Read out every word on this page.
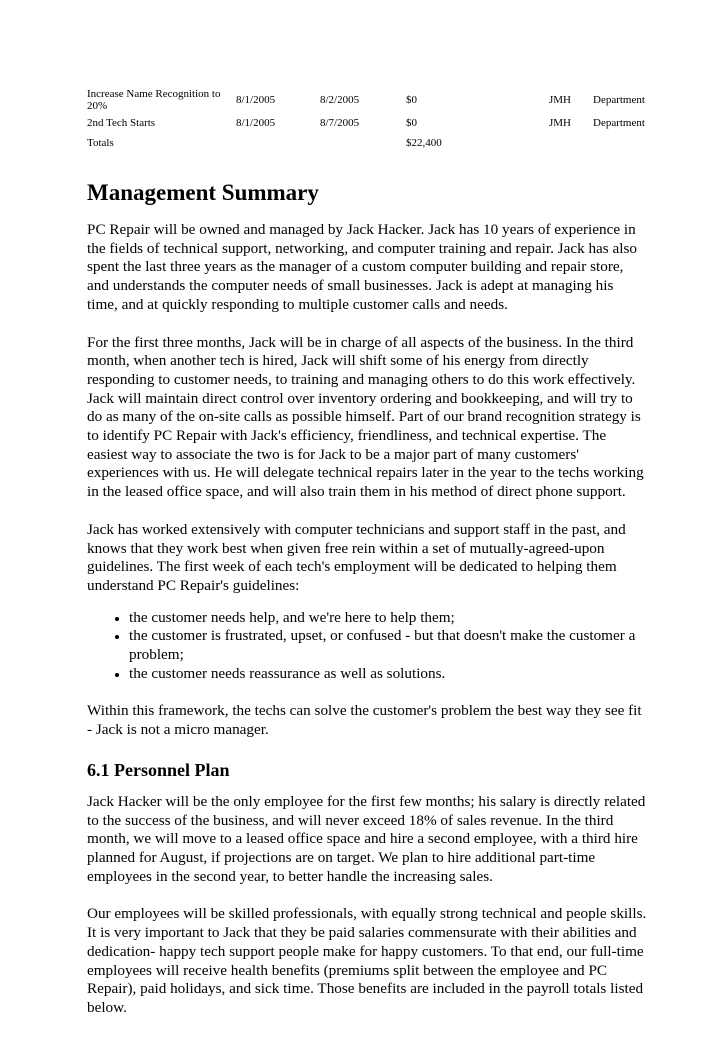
Increase Name Recognition to 20%	8/1/2005	8/2/2005	$0	JMH	Department
2nd Tech Starts	8/1/2005	8/7/2005	$0	JMH	Department
Totals			$22,400		
Management Summary

PC Repair will be owned and managed by Jack Hacker. Jack has 10 years of experience in the fields of technical support, networking, and computer training and repair. Jack has also spent the last three years as the manager of a custom computer building and repair store, and understands the computer needs of small businesses. Jack is adept at managing his time, and at quickly responding to multiple customer calls and needs.

For the first three months, Jack will be in charge of all aspects of the business. In the third month, when another tech is hired, Jack will shift some of his energy from directly responding to customer needs, to training and managing others to do this work effectively. Jack will maintain direct control over inventory ordering and bookkeeping, and will try to do as many of the on-site calls as possible himself. Part of our brand recognition strategy is to identify PC Repair with Jack's efficiency, friendliness, and technical expertise. The easiest way to associate the two is for Jack to be a major part of many customers' experiences with us. He will delegate technical repairs later in the year to the techs working in the leased office space, and will also train them in his method of direct phone support.

Jack has worked extensively with computer technicians and support staff in the past, and knows that they work best when given free rein within a set of mutually-agreed-upon guidelines. The first week of each tech's employment will be dedicated to helping them understand PC Repair's guidelines:

• the customer needs help, and we're here to help them;
• the customer is frustrated, upset, or confused - but that doesn't make the customer a problem;
• the customer needs reassurance as well as solutions.

Within this framework, the techs can solve the customer's problem the best way they see fit - Jack is not a micro manager.

6.1 Personnel Plan

Jack Hacker will be the only employee for the first few months; his salary is directly related to the success of the business, and will never exceed 18% of sales revenue. In the third month, we will move to a leased office space and hire a second employee, with a third hire planned for August, if projections are on target. We plan to hire additional part-time employees in the second year, to better handle the increasing sales.

Our employees will be skilled professionals, with equally strong technical and people skills. It is very important to Jack that they be paid salaries commensurate with their abilities and dedication- happy tech support people make for happy customers. To that end, our full-time employees will receive health benefits (premiums split between the employee and PC Repair), paid holidays, and sick time. Those benefits are included in the payroll totals listed below.
